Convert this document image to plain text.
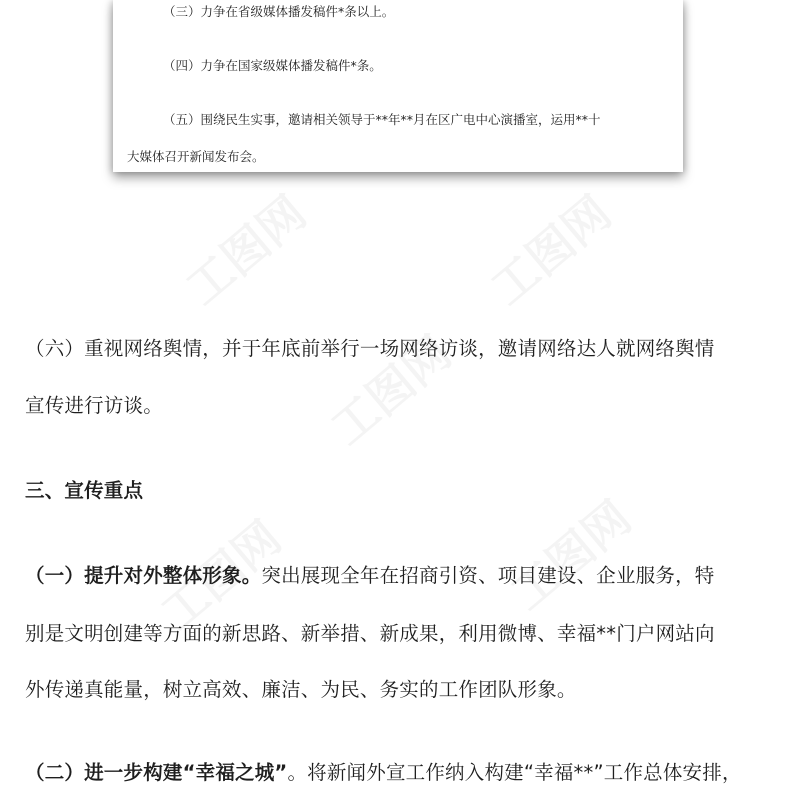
（三）力争在省级媒体播发稿件*条以上。
（四）力争在国家级媒体播发稿件*条。
（五）围绕民生实事，邀请相关领导于**年**月在区广电中心演播室，运用**十
大媒体召开新闻发布会。
（六）重视网络舆情，并于年底前举行一场网络访谈，邀请网络达人就网络舆情
宣传进行访谈。
三、宣传重点
（一）提升对外整体形象。突出展现全年在招商引资、项目建设、企业服务，特
别是文明创建等方面的新思路、新举措、新成果，利用微博、幸福**门户网站向
外传递真能量，树立高效、廉洁、为民、务实的工作团队形象。
（二）进一步构建“幸福之城”。将新闻外宣工作纳入构建“幸福**”工作总体安排，
